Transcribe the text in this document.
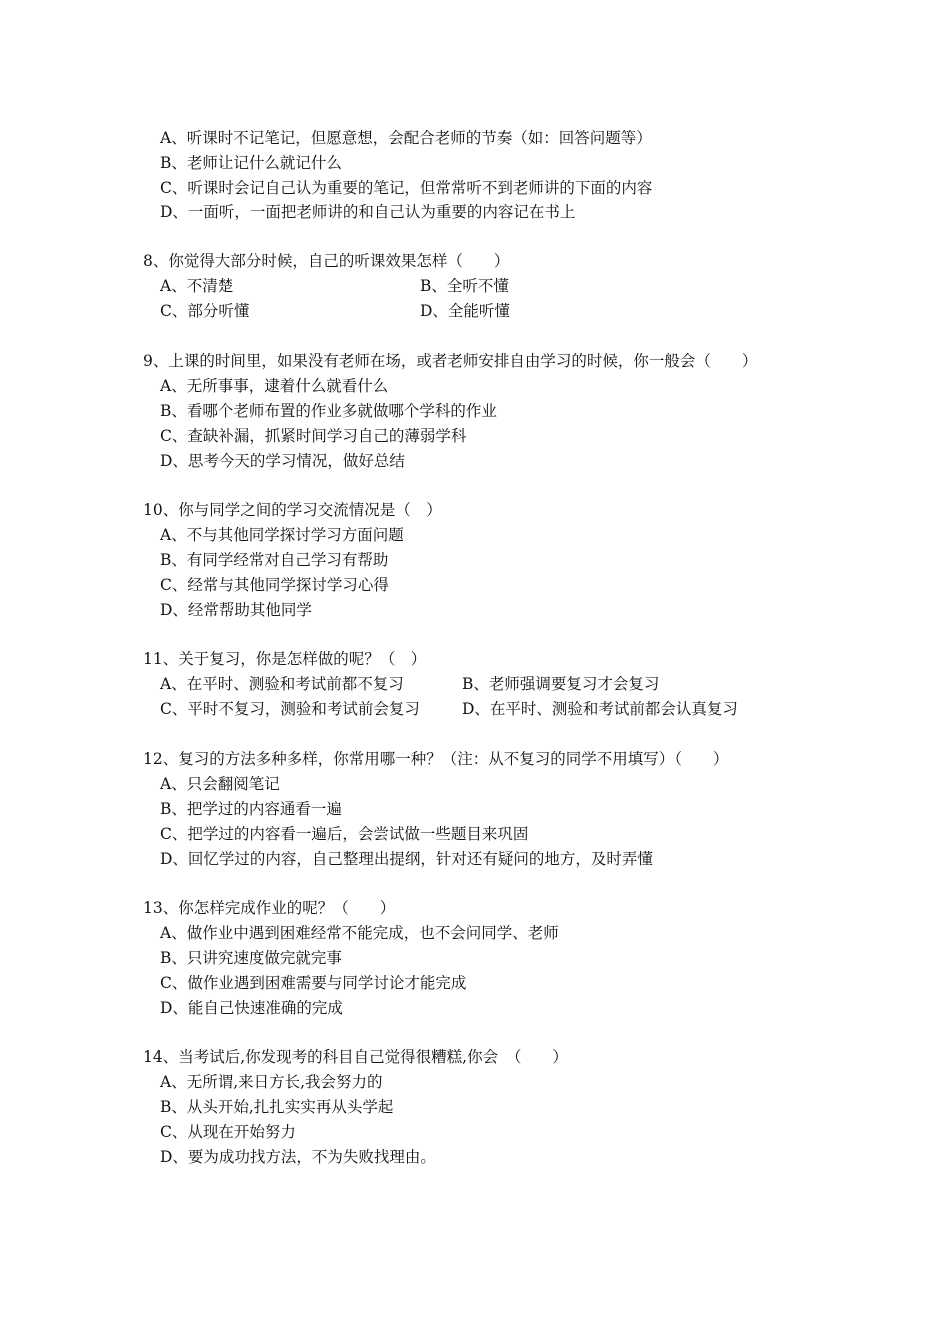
A、听课时不记笔记，但愿意想，会配合老师的节奏（如：回答问题等）
B、老师让记什么就记什么
C、听课时会记自己认为重要的笔记，但常常听不到老师讲的下面的内容
D、一面听，一面把老师讲的和自己认为重要的内容记在书上
8、你觉得大部分时候，自己的听课效果怎样（　　）
A、不清楚	B、全听不懂
C、部分听懂	D、全能听懂
9、上课的时间里，如果没有老师在场，或者老师安排自由学习的时候，你一般会（　　）
A、无所事事，逮着什么就看什么
B、看哪个老师布置的作业多就做哪个学科的作业
C、查缺补漏，抓紧时间学习自己的薄弱学科
D、思考今天的学习情况，做好总结
10、你与同学之间的学习交流情况是（　）
A、不与其他同学探讨学习方面问题
B、有同学经常对自己学习有帮助
C、经常与其他同学探讨学习心得
D、经常帮助其他同学
11、关于复习，你是怎样做的呢？（　）
A、在平时、测验和考试前都不复习	B、老师强调要复习才会复习
C、平时不复习，测验和考试前会复习	D、在平时、测验和考试前都会认真复习
12、复习的方法多种多样，你常用哪一种？（注：从不复习的同学不用填写）（　　）
A、只会翻阅笔记
B、把学过的内容通看一遍
C、把学过的内容看一遍后，会尝试做一些题目来巩固
D、回忆学过的内容，自己整理出提纲，针对还有疑问的地方，及时弄懂
13、你怎样完成作业的呢？（　　）
A、做作业中遇到困难经常不能完成，也不会问同学、老师
B、只讲究速度做完就完事
C、做作业遇到困难需要与同学讨论才能完成
D、能自己快速准确的完成
14、当考试后,你发现考的科目自己觉得很糟糕,你会　（　　）
A、无所谓,来日方长,我会努力的
B、从头开始,扎扎实实再从头学起
C、从现在开始努力
D、要为成功找方法，不为失败找理由。
